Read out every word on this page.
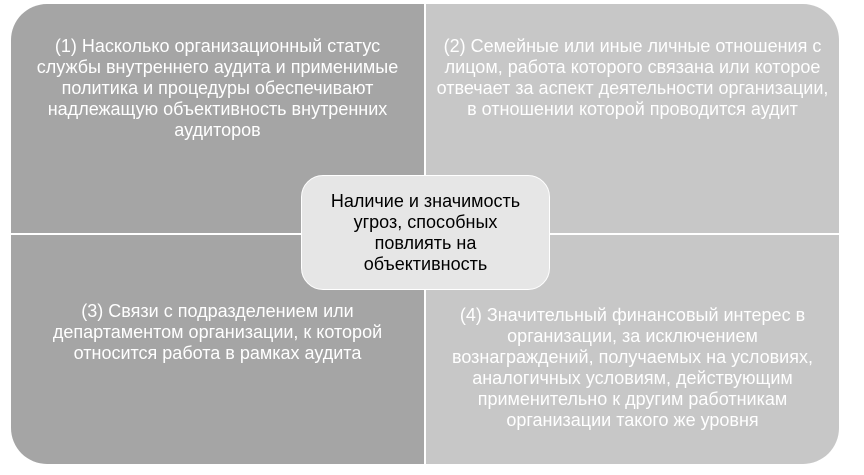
(1) Насколько организационный статус службы внутреннего аудита и применимые политика и процедуры обеспечивают надлежащую объективность внутренних аудиторов
(2) Семейные или иные личные отношения с лицом, работа которого связана или которое отвечает за аспект деятельности организации, в отношении которой проводится аудит
(3) Связи с подразделением или департаментом организации, к которой относится работа в рамках аудита
(4) Значительный финансовый интерес в организации, за исключением вознаграждений, получаемых на условиях, аналогичных условиям, действующим применительно к другим работникам организации такого же уровня
Наличие и значимость угроз, способных повлиять на объективность
